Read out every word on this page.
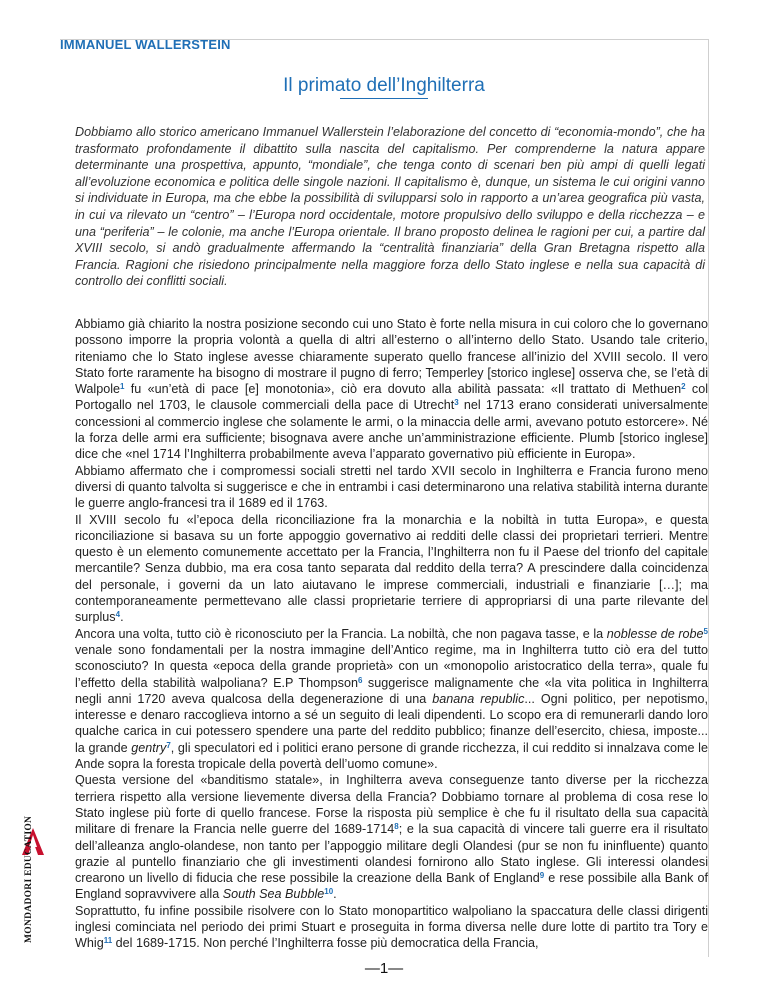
IMMANUEL WALLERSTEIN
Il primato dell’Inghilterra

Dobbiamo allo storico americano Immanuel Wallerstein l’elaborazione del concetto di “economia-mondo”, che ha trasformato profondamente il dibattito sulla nascita del capitalismo. Per comprenderne la natura appare determinante una prospettiva, appunto, “mondiale”, che tenga conto di scenari ben più ampi di quelli legati all’evoluzione economica e politica delle singole nazioni. Il capitalismo è, dunque, un sistema le cui origini vanno si individuate in Europa, ma che ebbe la possibilità di svilupparsi solo in rapporto a un’area geografica più vasta, in cui va rilevato un “centro” – l’Europa nord occidentale, motore propulsivo dello sviluppo e della ricchezza – e una “periferia” – le colonie, ma anche l’Europa orientale. Il brano proposto delinea le ragioni per cui, a partire dal XVIII secolo, si andò gradualmente affermando la “centralità finanziaria” della Gran Bretagna rispetto alla Francia. Ragioni che risiedono principalmente nella maggiore forza dello Stato inglese e nella sua capacità di controllo dei conflitti sociali.

Abbiamo già chiarito la nostra posizione secondo cui uno Stato è forte nella misura in cui coloro che lo governano possono imporre la propria volontà a quella di altri all’esterno o all’interno dello Stato. Usando tale criterio, riteniamo che lo Stato inglese avesse chiaramente superato quello francese all’inizio del XVIII secolo. Il vero Stato forte raramente ha bisogno di mostrare il pugno di ferro; Temperley [storico inglese] osserva che, se l’età di Walpole$^1$ fu «un’età di pace [e] monotonia», ciò era dovuto alla abilità passata: «Il trattato di Methuen$^2$ col Portogallo nel 1703, le clausole commerciali della pace di Utrecht$^3$ nel 1713 erano considerati universalmente concessioni al commercio inglese che solamente le armi, o la minaccia delle armi, avevano potuto estorcere». Né la forza delle armi era sufficiente; bisognava avere anche un’amministrazione efficiente. Plumb [storico inglese] dice che «nel 1714 l’Inghilterra probabilmente aveva l’apparato governativo più efficiente in Europa».

Abbiamo affermato che i compromessi sociali stretti nel tardo XVII secolo in Inghilterra e Francia furono meno diversi di quanto talvolta si suggerisce e che in entrambi i casi determinarono una relativa stabilità interna durante le guerre anglo-francesi tra il 1689 ed il 1763.

Il XVIII secolo fu «l’epoca della riconciliazione fra la monarchia e la nobiltà in tutta Europa», e questa riconciliazione si basava su un forte appoggio governativo ai redditi delle classi dei proprietari terrieri. Mentre questo è un elemento comunemente accettato per la Francia, l’Inghilterra non fu il Paese del trionfo del capitale mercantile? Senza dubbio, ma era cosa tanto separata dal reddito della terra? A prescindere dalla coincidenza del personale, i governi da un lato aiutavano le imprese commerciali, industriali e finanziarie […]; ma contemporaneamente permettevano alle classi proprietarie terriere di appropriarsi di una parte rilevante del surplus$^4$.

Ancora una volta, tutto ciò è riconosciuto per la Francia. La nobiltà, che non pagava tasse, e la noblesse de robe$^5$ venale sono fondamentali per la nostra immagine dell’Antico regime, ma in Inghilterra tutto ciò era del tutto sconosciuto? In questa «epoca della grande proprietà» con un «monopolio aristocratico della terra», quale fu l’effetto della stabilità walpoliana? E.P Thompson$^6$ suggerisce malignamente che «la vita politica in Inghilterra negli anni 1720 aveva qualcosa della degenerazione di una banana republic... Ogni politico, per nepotismo, interesse e denaro raccoglieva intorno a sé un seguito di leali dipendenti. Lo scopo era di remunerarli dando loro qualche carica in cui potessero spendere una parte del reddito pubblico; finanze dell’esercito, chiesa, imposte... la grande gentry$^7$, gli speculatori ed i politici erano persone di grande ricchezza, il cui reddito si innalzava come le Ande sopra la foresta tropicale della povertà dell’uomo comune».

Questa versione del «banditismo statale», in Inghilterra aveva conseguenze tanto diverse per la ricchezza terriera rispetto alla versione lievemente diversa della Francia? Dobbiamo tornare al problema di cosa rese lo Stato inglese più forte di quello francese. Forse la risposta più semplice è che fu il risultato della sua capacità militare di frenare la Francia nelle guerre del 1689-1714$^8$; e la sua capacità di vincere tali guerre era il risultato dell’alleanza anglo-olandese, non tanto per l’appoggio militare degli Olandesi (pur se non fu ininfluente) quanto grazie al puntello finanziario che gli investimenti olandesi fornirono allo Stato inglese. Gli interessi olandesi crearono un livello di fiducia che rese possibile la creazione della Bank of England$^9$ e rese possibile alla Bank of England sopravvivere alla South Sea Bubble$^{10}$.

Soprattutto, fu infine possibile risolvere con lo Stato monopartitico walpoliano la spaccatura delle classi dirigenti inglesi cominciata nel periodo dei primi Stuart e proseguita in forma diversa nelle dure lotte di partito tra Tory e Whig$^{11}$ del 1689-1715. Non perché l’Inghilterra fosse più democratica della Francia,

MONDADORI EDUCATION
—1—
